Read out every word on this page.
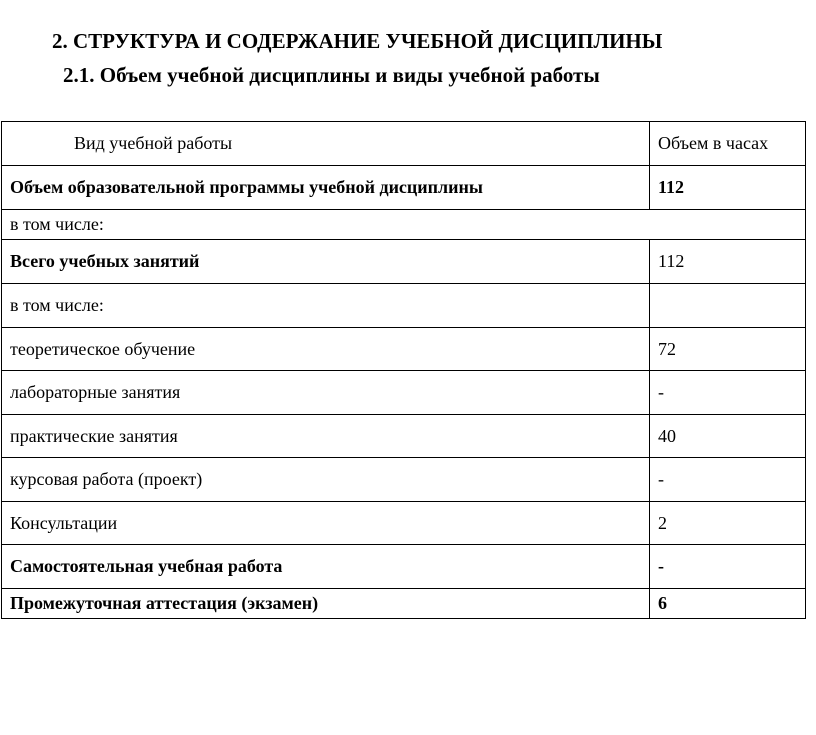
2. СТРУКТУРА И СОДЕРЖАНИЕ УЧЕБНОЙ ДИСЦИПЛИНЫ
2.1. Объем учебной дисциплины и виды учебной работы
Вид учебной работы	Объем в часах
Объем образовательной программы учебной дисциплины	112
в том числе:	
Всего учебных занятий	112
в том числе:	
теоретическое обучение	72
лабораторные занятия	-
практические занятия	40
курсовая работа (проект)	-
Консультации	2
Самостоятельная учебная работа	-
Промежуточная аттестация (экзамен)	6
